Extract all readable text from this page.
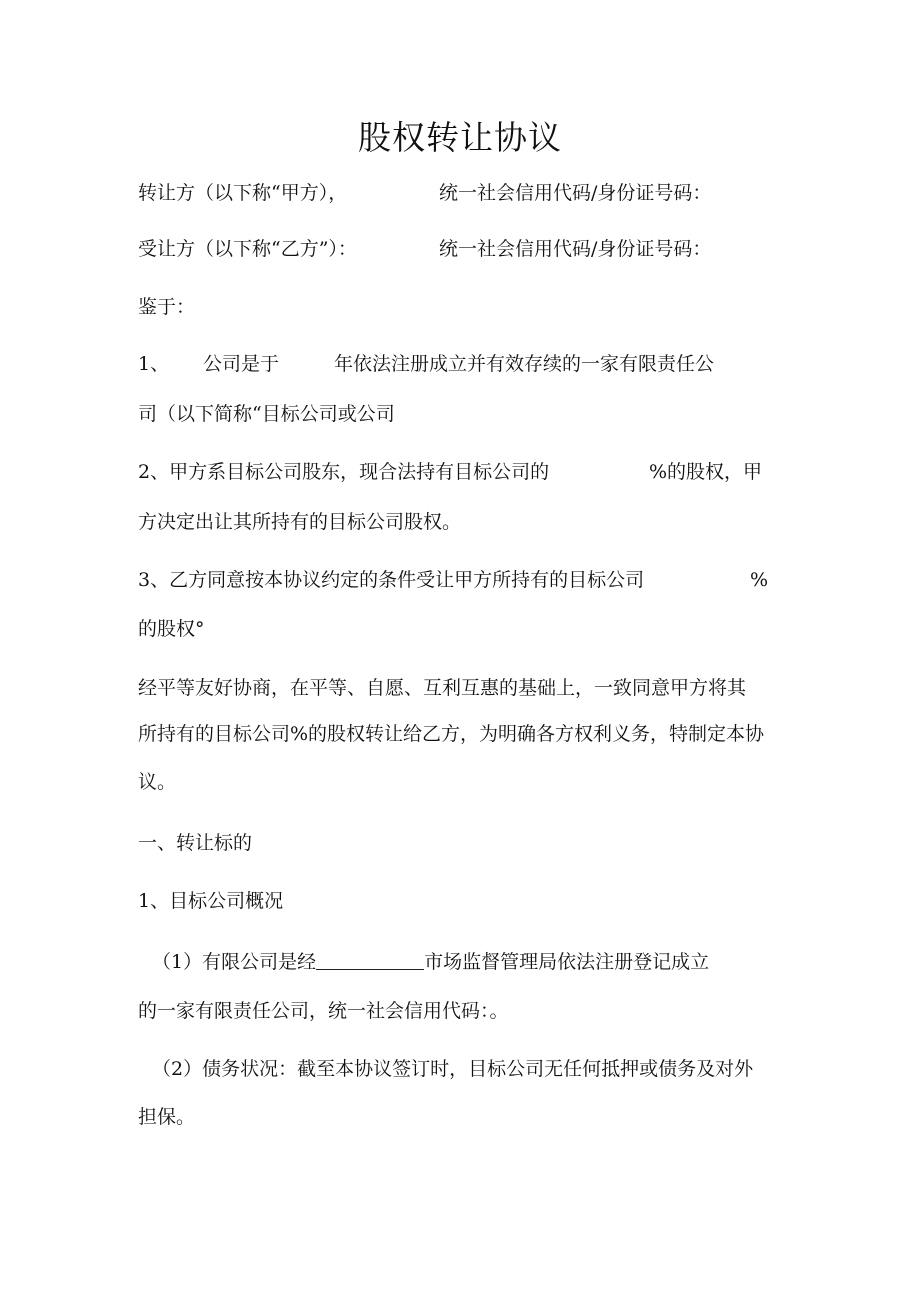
股权转让协议
转让方（以下称“甲方），	统一社会信用代码/身份证号码：
受让方（以下称“乙方”）：	统一社会信用代码/身份证号码：
鉴于：
1、 公司是于	年依法注册成立并有效存续的一家有限责任公
司（以下简称“目标公司或公司
2、甲方系目标公司股东，现合法持有目标公司的	%的股权，甲
方决定出让其所持有的目标公司股权。
3、乙方同意按本协议约定的条件受让甲方所持有的目标公司	%
的股权°
经平等友好协商，在平等、自愿、互利互惠的基础上，一致同意甲方将其
所持有的目标公司%的股权转让给乙方，为明确各方权利义务，特制定本协
议。
一、转让标的
1、目标公司概况
（1）有限公司是经	市场监督管理局依法注册登记成立
的一家有限责任公司，统一社会信用代码：。
（2）债务状况：截至本协议签订时，目标公司无任何抵押或债务及对外
担保。
